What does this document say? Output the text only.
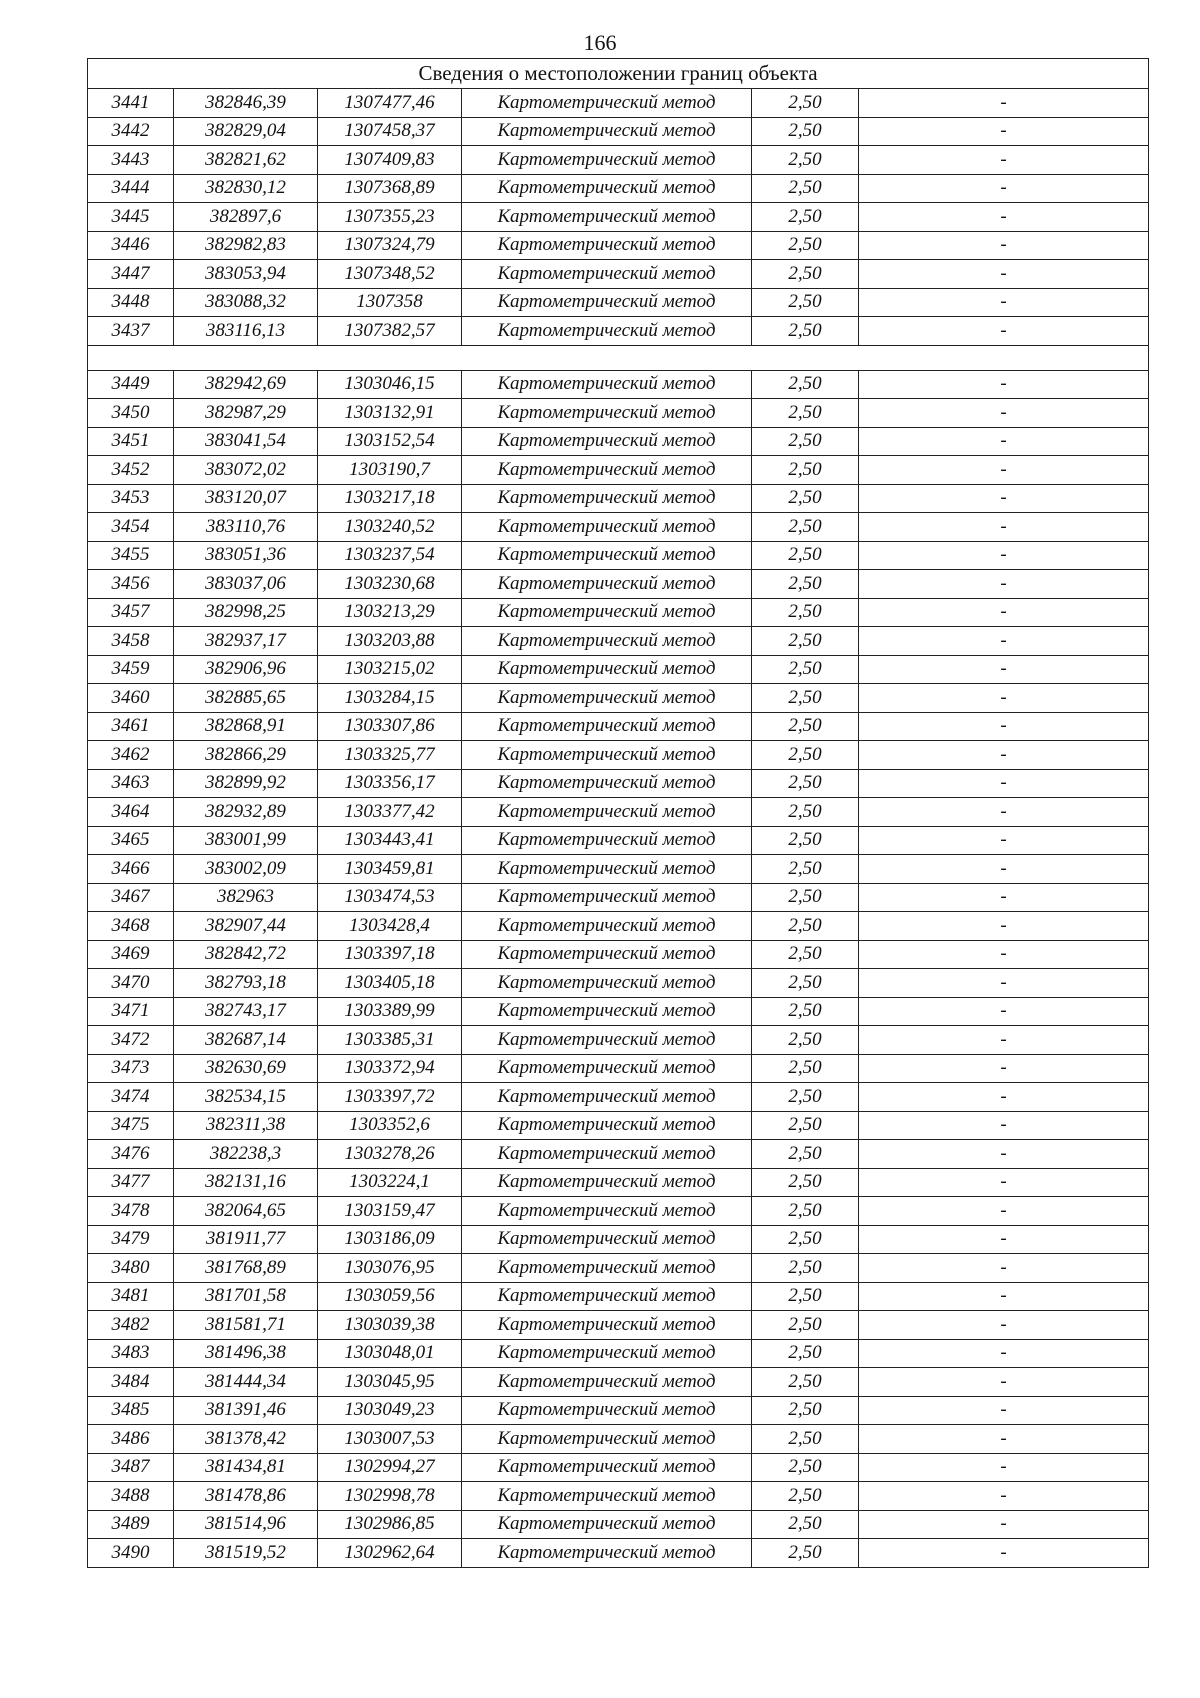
166
Сведения о местоположении границ объекта					
3441	382846,39	1307477,46	Картометрический метод	2,50	-
3442	382829,04	1307458,37	Картометрический метод	2,50	-
3443	382821,62	1307409,83	Картометрический метод	2,50	-
3444	382830,12	1307368,89	Картометрический метод	2,50	-
3445	382897,6	1307355,23	Картометрический метод	2,50	-
3446	382982,83	1307324,79	Картометрический метод	2,50	-
3447	383053,94	1307348,52	Картометрический метод	2,50	-
3448	383088,32	1307358	Картометрический метод	2,50	-
3437	383116,13	1307382,57	Картометрический метод	2,50	-

3449	382942,69	1303046,15	Картометрический метод	2,50	-
3450	382987,29	1303132,91	Картометрический метод	2,50	-
3451	383041,54	1303152,54	Картометрический метод	2,50	-
3452	383072,02	1303190,7	Картометрический метод	2,50	-
3453	383120,07	1303217,18	Картометрический метод	2,50	-
3454	383110,76	1303240,52	Картометрический метод	2,50	-
3455	383051,36	1303237,54	Картометрический метод	2,50	-
3456	383037,06	1303230,68	Картометрический метод	2,50	-
3457	382998,25	1303213,29	Картометрический метод	2,50	-
3458	382937,17	1303203,88	Картометрический метод	2,50	-
3459	382906,96	1303215,02	Картометрический метод	2,50	-
3460	382885,65	1303284,15	Картометрический метод	2,50	-
3461	382868,91	1303307,86	Картометрический метод	2,50	-
3462	382866,29	1303325,77	Картометрический метод	2,50	-
3463	382899,92	1303356,17	Картометрический метод	2,50	-
3464	382932,89	1303377,42	Картометрический метод	2,50	-
3465	383001,99	1303443,41	Картометрический метод	2,50	-
3466	383002,09	1303459,81	Картометрический метод	2,50	-
3467	382963	1303474,53	Картометрический метод	2,50	-
3468	382907,44	1303428,4	Картометрический метод	2,50	-
3469	382842,72	1303397,18	Картометрический метод	2,50	-
3470	382793,18	1303405,18	Картометрический метод	2,50	-
3471	382743,17	1303389,99	Картометрический метод	2,50	-
3472	382687,14	1303385,31	Картометрический метод	2,50	-
3473	382630,69	1303372,94	Картометрический метод	2,50	-
3474	382534,15	1303397,72	Картометрический метод	2,50	-
3475	382311,38	1303352,6	Картометрический метод	2,50	-
3476	382238,3	1303278,26	Картометрический метод	2,50	-
3477	382131,16	1303224,1	Картометрический метод	2,50	-
3478	382064,65	1303159,47	Картометрический метод	2,50	-
3479	381911,77	1303186,09	Картометрический метод	2,50	-
3480	381768,89	1303076,95	Картометрический метод	2,50	-
3481	381701,58	1303059,56	Картометрический метод	2,50	-
3482	381581,71	1303039,38	Картометрический метод	2,50	-
3483	381496,38	1303048,01	Картометрический метод	2,50	-
3484	381444,34	1303045,95	Картометрический метод	2,50	-
3485	381391,46	1303049,23	Картометрический метод	2,50	-
3486	381378,42	1303007,53	Картометрический метод	2,50	-
3487	381434,81	1302994,27	Картометрический метод	2,50	-
3488	381478,86	1302998,78	Картометрический метод	2,50	-
3489	381514,96	1302986,85	Картометрический метод	2,50	-
3490	381519,52	1302962,64	Картометрический метод	2,50	-
